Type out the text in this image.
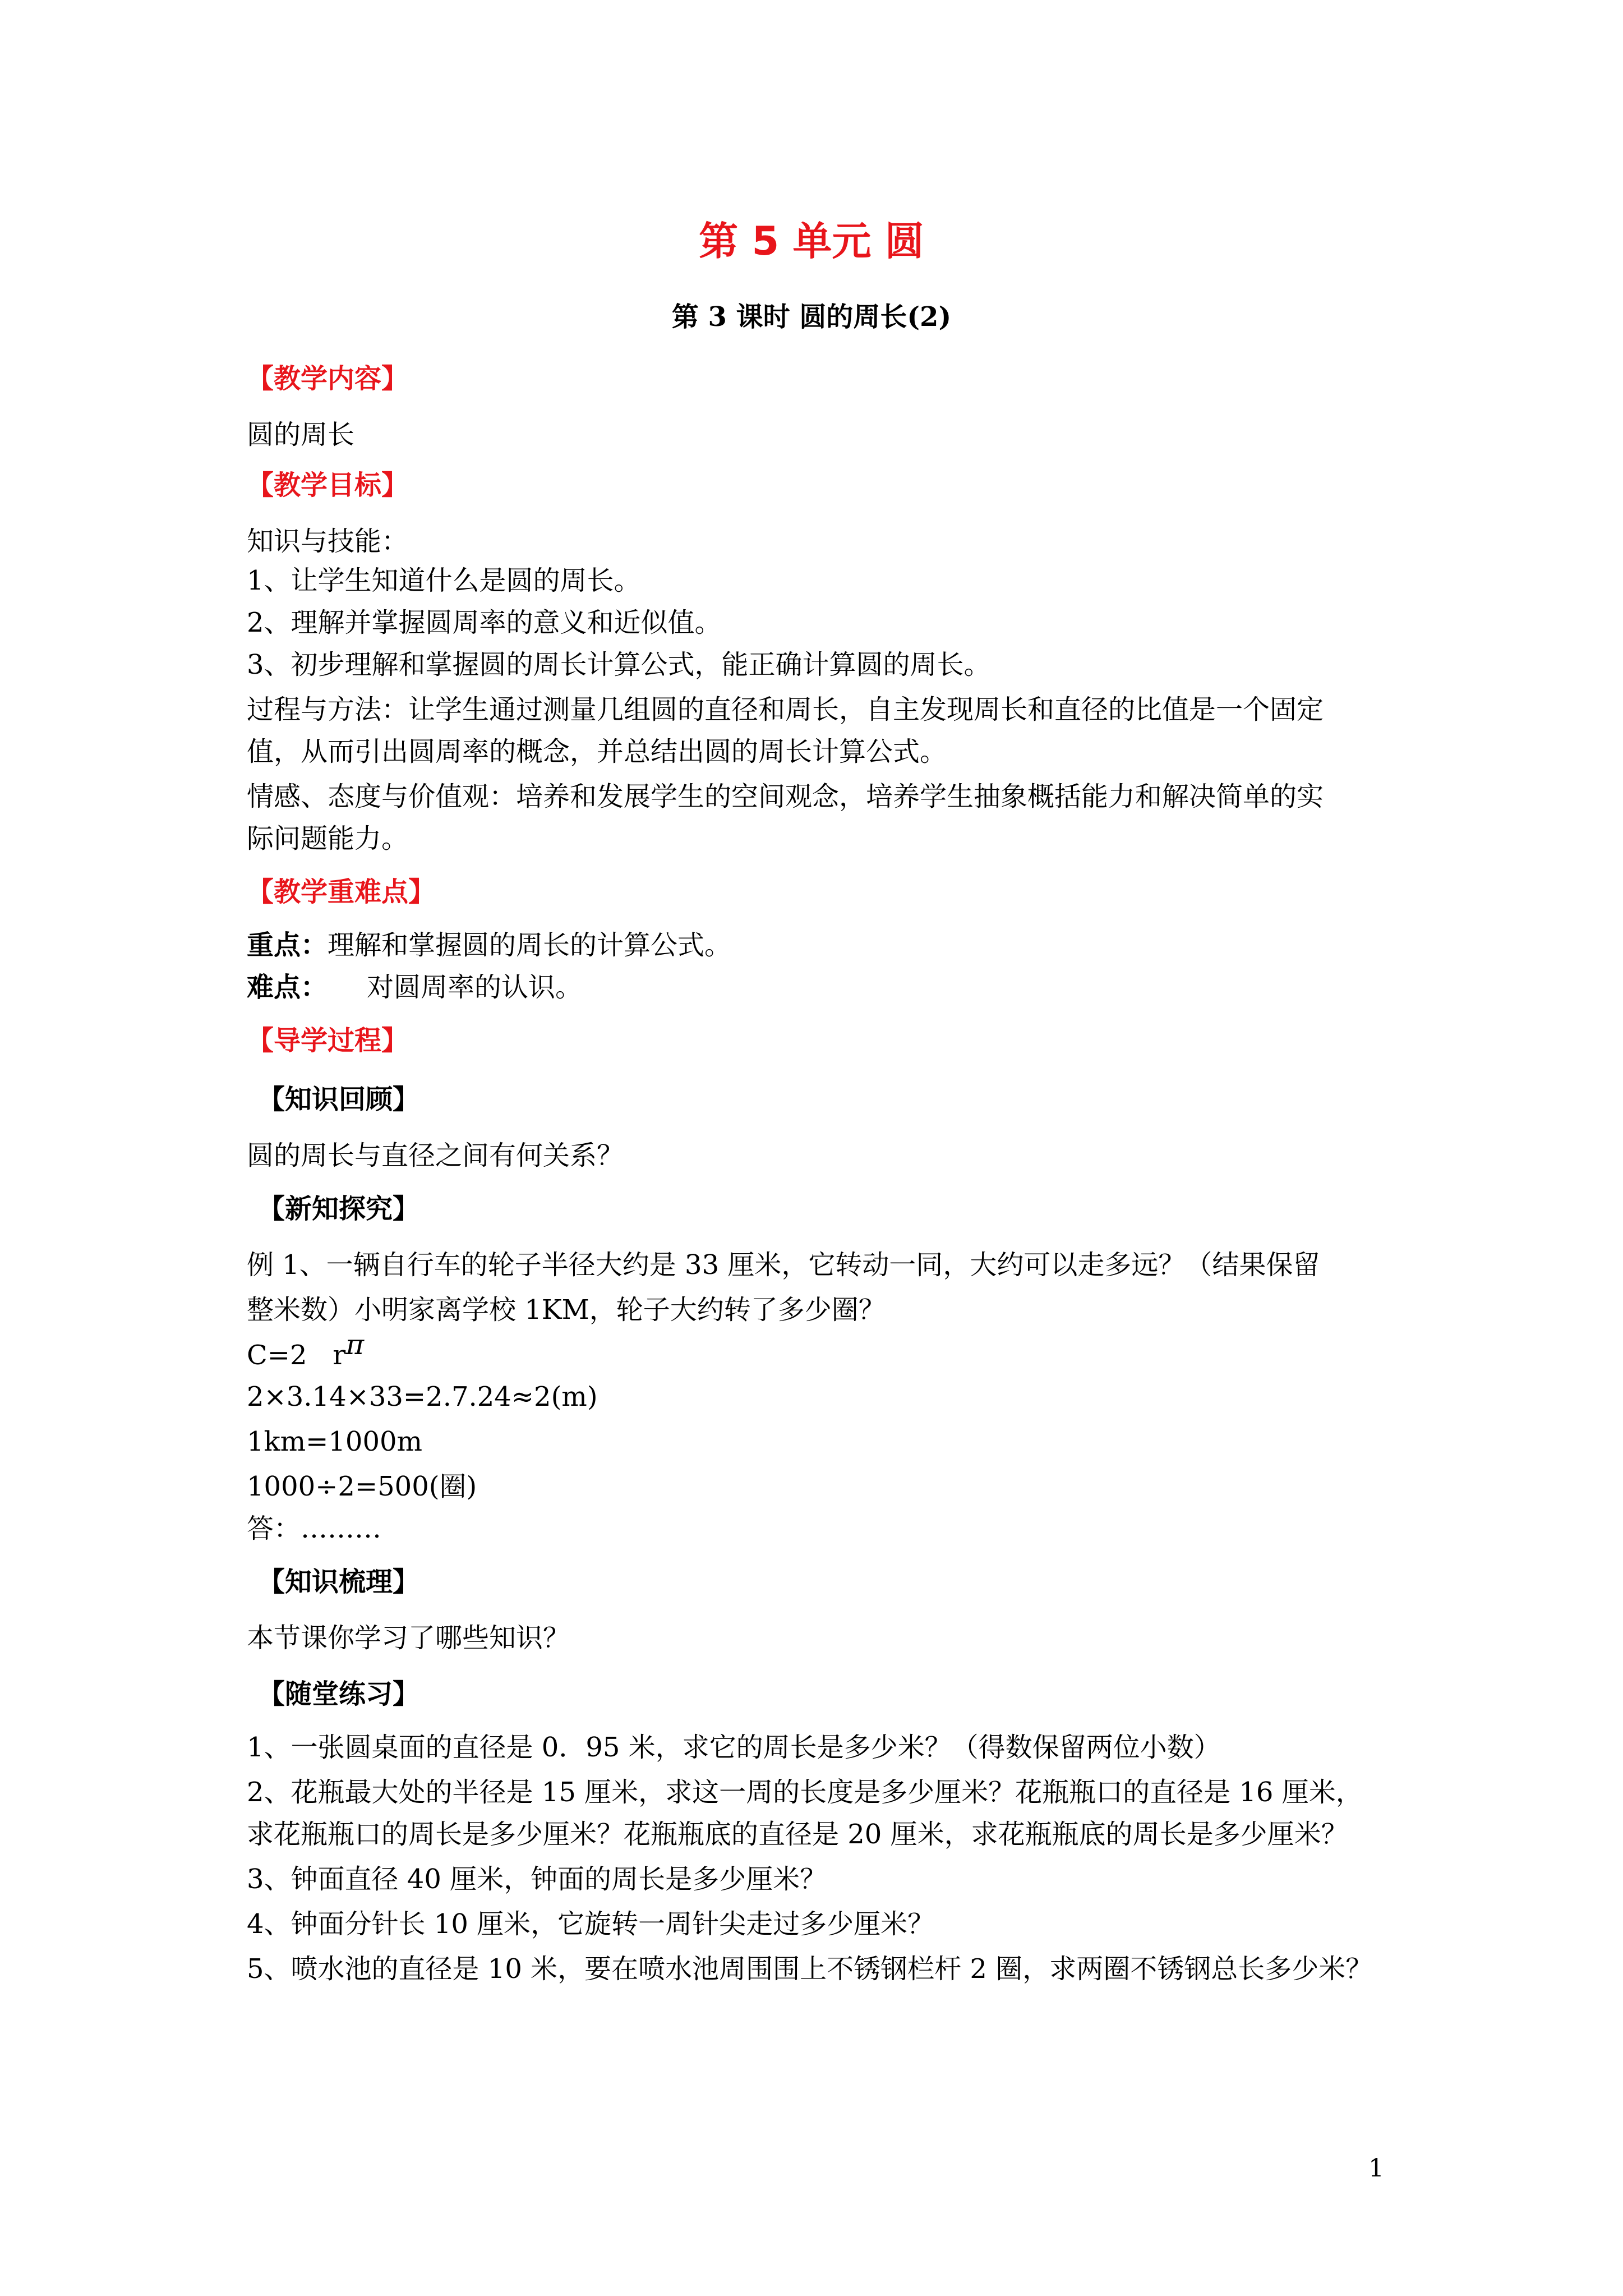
第 5 单元 圆
第 3 课时 圆的周长(2)
【教学内容】
圆的周长
【教学目标】
知识与技能：
1、让学生知道什么是圆的周长。
2、理解并掌握圆周率的意义和近似值。
3、初步理解和掌握圆的周长计算公式，能正确计算圆的周长。
过程与方法：让学生通过测量几组圆的直径和周长，自主发现周长和直径的比值是一个固定
值，从而引出圆周率的概念，并总结出圆的周长计算公式。
情感、态度与价值观：培养和发展学生的空间观念，培养学生抽象概括能力和解决简单的实
际问题能力。
【教学重难点】
重点：理解和掌握圆的周长的计算公式。
难点： 对圆周率的认识。
【导学过程】
【知识回顾】
圆的周长与直径之间有何关系？
【新知探究】
例 1、一辆自行车的轮子半径大约是 33 厘米，它转动一同，大约可以走多远？（结果保留
整米数）小明家离学校 1KM，轮子大约转了多少圈？
C=2   rπ
2×3.14×33=2.7.24≈2(m)
1km=1000m
1000÷2=500(圈)
答：………
【知识梳理】
本节课你学习了哪些知识？
【随堂练习】
1、一张圆桌面的直径是 0．95 米，求它的周长是多少米？（得数保留两位小数）
2、花瓶最大处的半径是 15 厘米，求这一周的长度是多少厘米？花瓶瓶口的直径是 16 厘米，
求花瓶瓶口的周长是多少厘米？花瓶瓶底的直径是 20 厘米，求花瓶瓶底的周长是多少厘米？
3、钟面直径 40 厘米，钟面的周长是多少厘米？
4、钟面分针长 10 厘米，它旋转一周针尖走过多少厘米？
5、喷水池的直径是 10 米，要在喷水池周围围上不锈钢栏杆 2 圈，求两圈不锈钢总长多少米？
1
